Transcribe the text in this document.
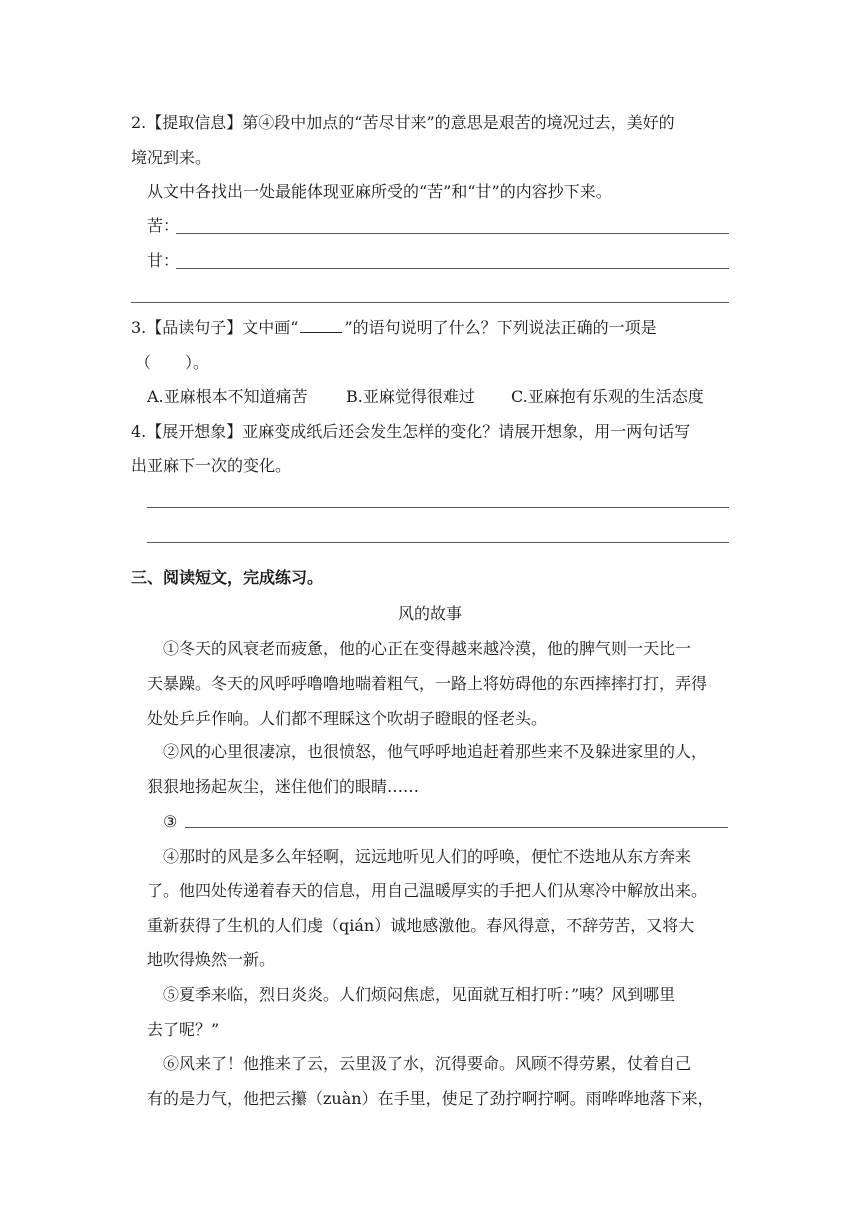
2.【提取信息】第④段中加点的“苦尽甘来”的意思是艰苦的境况过去，美好的
境况到来。
从文中各找出一处最能体现亚麻所受的“苦”和“甘”的内容抄下来。
苦：
甘：
3.【品读句子】文中画“	”的语句说明了什么？下列说法正确的一项是
（ ）。
A.亚麻根本不知道痛苦 B.亚麻觉得很难过 C.亚麻抱有乐观的生活态度
4.【展开想象】亚麻变成纸后还会发生怎样的变化？请展开想象，用一两句话写
出亚麻下一次的变化。
三、阅读短文，完成练习。
风的故事
①冬天的风衰老而疲惫，他的心正在变得越来越冷漠，他的脾气则一天比一
天暴躁。冬天的风呼呼噜噜地喘着粗气，一路上将妨碍他的东西摔摔打打，弄得
处处乒乒作响。人们都不理睬这个吹胡子瞪眼的怪老头。
②风的心里很凄凉，也很愤怒，他气呼呼地追赶着那些来不及躲进家里的人，
狠狠地扬起灰尘，迷住他们的眼睛……
③
④那时的风是多么年轻啊，远远地听见人们的呼唤，便忙不迭地从东方奔来
了。他四处传递着春天的信息，用自己温暖厚实的手把人们从寒冷中解放出来。
重新获得了生机的人们虔（qián）诚地感激他。春风得意，不辞劳苦，又将大
地吹得焕然一新。
⑤夏季来临，烈日炎炎。人们烦闷焦虑，见面就互相打听：”咦？风到哪里
去了呢？”
⑥风来了！他推来了云，云里汲了水，沉得要命。风顾不得劳累，仗着自己
有的是力气，他把云攥（zuàn）在手里，使足了劲拧啊拧啊。雨哗哗地落下来，
